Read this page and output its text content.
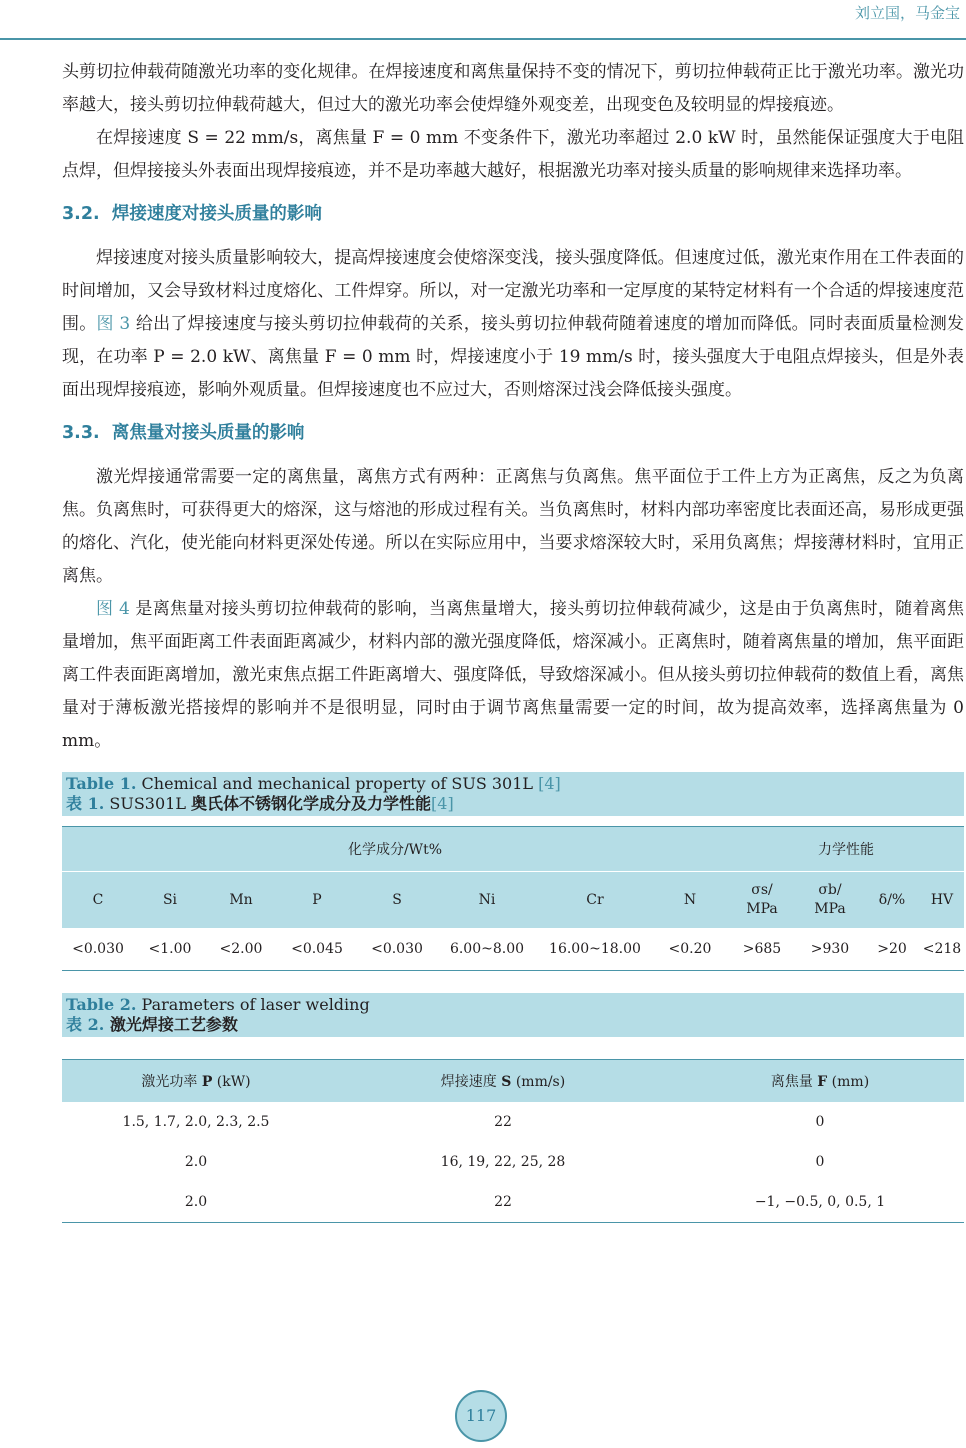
刘立国，马金宝

头剪切拉伸载荷随激光功率的变化规律。在焊接速度和离焦量保持不变的情况下，剪切拉伸载荷正比于激光功率。激光功率越大，接头剪切拉伸载荷越大，但过大的激光功率会使焊缝外观变差，出现变色及较明显的焊接痕迹。

在焊接速度 S = 22 mm/s，离焦量 F = 0 mm 不变条件下，激光功率超过 2.0 kW 时，虽然能保证强度大于电阻点焊，但焊接接头外表面出现焊接痕迹，并不是功率越大越好，根据激光功率对接头质量的影响规律来选择功率。

3.2. 焊接速度对接头质量的影响

焊接速度对接头质量影响较大，提高焊接速度会使熔深变浅，接头强度降低。但速度过低，激光束作用在工件表面的时间增加，又会导致材料过度熔化、工件焊穿。所以，对一定激光功率和一定厚度的某特定材料有一个合适的焊接速度范围。图 3 给出了焊接速度与接头剪切拉伸载荷的关系，接头剪切拉伸载荷随着速度的增加而降低。同时表面质量检测发现，在功率 P = 2.0 kW、离焦量 F = 0 mm 时，焊接速度小于 19 mm/s 时，接头强度大于电阻点焊接头，但是外表面出现焊接痕迹，影响外观质量。但焊接速度也不应过大，否则熔深过浅会降低接头强度。

3.3. 离焦量对接头质量的影响

激光焊接通常需要一定的离焦量，离焦方式有两种：正离焦与负离焦。焦平面位于工件上方为正离焦，反之为负离焦。负离焦时，可获得更大的熔深，这与熔池的形成过程有关。当负离焦时，材料内部功率密度比表面还高，易形成更强的熔化、汽化，使光能向材料更深处传递。所以在实际应用中，当要求熔深较大时，采用负离焦；焊接薄材料时，宜用正离焦。

图 4 是离焦量对接头剪切拉伸载荷的影响，当离焦量增大，接头剪切拉伸载荷减少，这是由于负离焦时，随着离焦量增加，焦平面距离工件表面距离减少，材料内部的激光强度降低，熔深减小。正离焦时，随着离焦量的增加，焦平面距离工件表面距离增加，激光束焦点据工件距离增大、强度降低，导致熔深减小。但从接头剪切拉伸载荷的数值上看，离焦量对于薄板激光搭接焊的影响并不是很明显，同时由于调节离焦量需要一定的时间，故为提高效率，选择离焦量为 0 mm。

Table 1. Chemical and mechanical property of SUS 301L [4]
表 1. SUS301L 奥氏体不锈钢化学成分及力学性能[4]
化学成分/Wt%								力学性能			
C	Si	Mn	P	S	Ni	Cr	N	σs/
MPa	σb/
MPa	δ/%	HV
<0.030	<1.00	<2.00	<0.045	<0.030	6.00~8.00	16.00~18.00	<0.20	>685	>930	>20	<218
Table 2. Parameters of laser welding
表 2. 激光焊接工艺参数
激光功率 P (kW)	焊接速度 S (mm/s)	离焦量 F (mm)
1.5, 1.7, 2.0, 2.3, 2.5	22	0
2.0	16, 19, 22, 25, 28	0
2.0	22	−1, −0.5, 0, 0.5, 1
117
